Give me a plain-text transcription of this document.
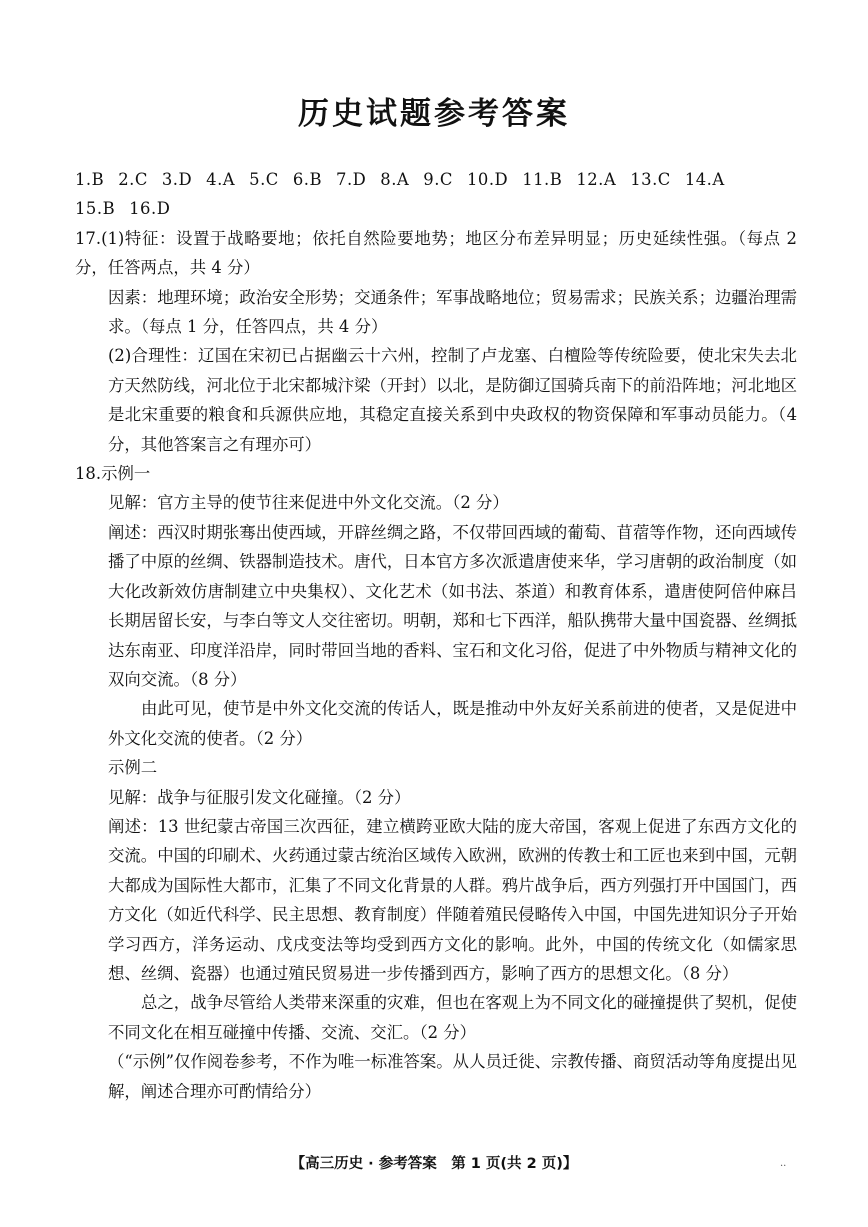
历史试题参考答案

1.B 2.C 3.D 4.A 5.C 6.B 7.D 8.A 9.C 10.D 11.B 12.A 13.C 14.A

15.B 16.D

17.(1)特征：设置于战略要地；依托自然险要地势；地区分布差异明显；历史延续性强。（每点 2 分，任答两点，共 4 分）

因素：地理环境；政治安全形势；交通条件；军事战略地位；贸易需求；民族关系；边疆治理需求。（每点 1 分，任答四点，共 4 分）

(2)合理性：辽国在宋初已占据幽云十六州，控制了卢龙塞、白檀险等传统险要，使北宋失去北方天然防线，河北位于北宋都城汴梁（开封）以北，是防御辽国骑兵南下的前沿阵地；河北地区是北宋重要的粮食和兵源供应地，其稳定直接关系到中央政权的物资保障和军事动员能力。（4 分，其他答案言之有理亦可）

18.示例一

见解：官方主导的使节往来促进中外文化交流。（2 分）

阐述：西汉时期张骞出使西域，开辟丝绸之路，不仅带回西域的葡萄、苜蓿等作物，还向西域传播了中原的丝绸、铁器制造技术。唐代，日本官方多次派遣唐使来华，学习唐朝的政治制度（如大化改新效仿唐制建立中央集权）、文化艺术（如书法、茶道）和教育体系，遣唐使阿倍仲麻吕长期居留长安，与李白等文人交往密切。明朝，郑和七下西洋，船队携带大量中国瓷器、丝绸抵达东南亚、印度洋沿岸，同时带回当地的香料、宝石和文化习俗，促进了中外物质与精神文化的双向交流。（8 分）

由此可见，使节是中外文化交流的传话人，既是推动中外友好关系前进的使者，又是促进中外文化交流的使者。（2 分）

示例二

见解：战争与征服引发文化碰撞。（2 分）

阐述：13 世纪蒙古帝国三次西征，建立横跨亚欧大陆的庞大帝国，客观上促进了东西方文化的交流。中国的印刷术、火药通过蒙古统治区域传入欧洲，欧洲的传教士和工匠也来到中国，元朝大都成为国际性大都市，汇集了不同文化背景的人群。鸦片战争后，西方列强打开中国国门，西方文化（如近代科学、民主思想、教育制度）伴随着殖民侵略传入中国，中国先进知识分子开始学习西方，洋务运动、戊戌变法等均受到西方文化的影响。此外，中国的传统文化（如儒家思想、丝绸、瓷器）也通过殖民贸易进一步传播到西方，影响了西方的思想文化。（8 分）

总之，战争尽管给人类带来深重的灾难，但也在客观上为不同文化的碰撞提供了契机，促使不同文化在相互碰撞中传播、交流、交汇。（2 分）

（“示例”仅作阅卷参考，不作为唯一标准答案。从人员迁徙、宗教传播、商贸活动等角度提出见解，阐述合理亦可酌情给分）

【高三历史 · 参考答案　第 1 页(共 2 页)】	..
